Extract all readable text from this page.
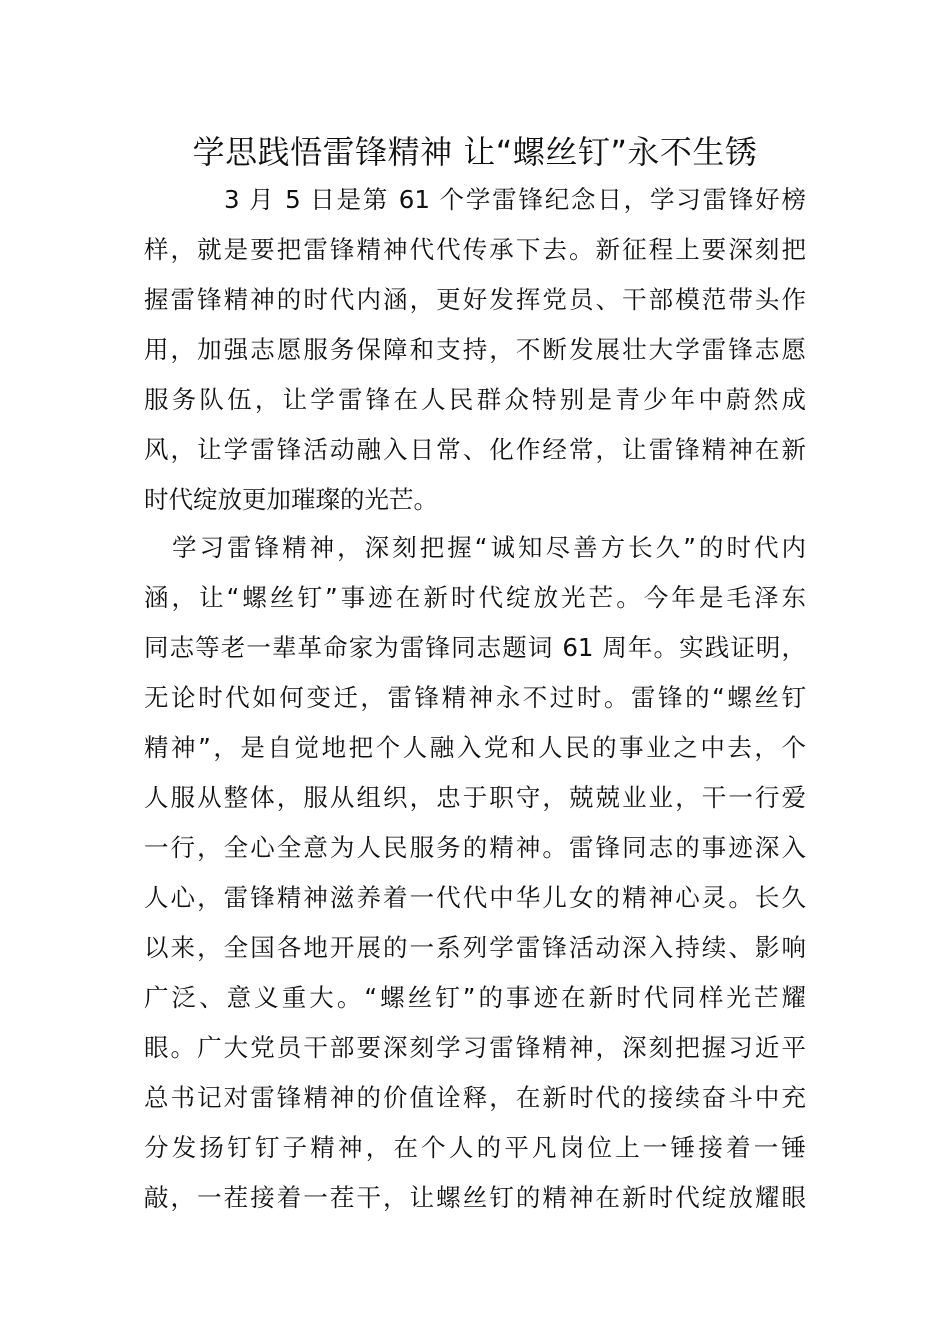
学思践悟雷锋精神 让“螺丝钉”永不生锈
3 月 5 日是第 61 个学雷锋纪念日，学习雷锋好榜
样，就是要把雷锋精神代代传承下去。新征程上要深刻把
握雷锋精神的时代内涵，更好发挥党员、干部模范带头作
用，加强志愿服务保障和支持，不断发展壮大学雷锋志愿
服务队伍，让学雷锋在人民群众特别是青少年中蔚然成
风，让学雷锋活动融入日常、化作经常，让雷锋精神在新
时代绽放更加璀璨的光芒。
学习雷锋精神，深刻把握“诚知尽善方长久”的时代内
涵，让“螺丝钉”事迹在新时代绽放光芒。今年是毛泽东
同志等老一辈革命家为雷锋同志题词 61 周年。实践证明，
无论时代如何变迁，雷锋精神永不过时。雷锋的“螺丝钉
精神”，是自觉地把个人融入党和人民的事业之中去，个
人服从整体，服从组织，忠于职守，兢兢业业，干一行爱
一行，全心全意为人民服务的精神。雷锋同志的事迹深入
人心，雷锋精神滋养着一代代中华儿女的精神心灵。长久
以来，全国各地开展的一系列学雷锋活动深入持续、影响
广泛、意义重大。“螺丝钉”的事迹在新时代同样光芒耀
眼。广大党员干部要深刻学习雷锋精神，深刻把握习近平
总书记对雷锋精神的价值诠释，在新时代的接续奋斗中充
分发扬钉钉子精神，在个人的平凡岗位上一锤接着一锤
敲，一茬接着一茬干，让螺丝钉的精神在新时代绽放耀眼
